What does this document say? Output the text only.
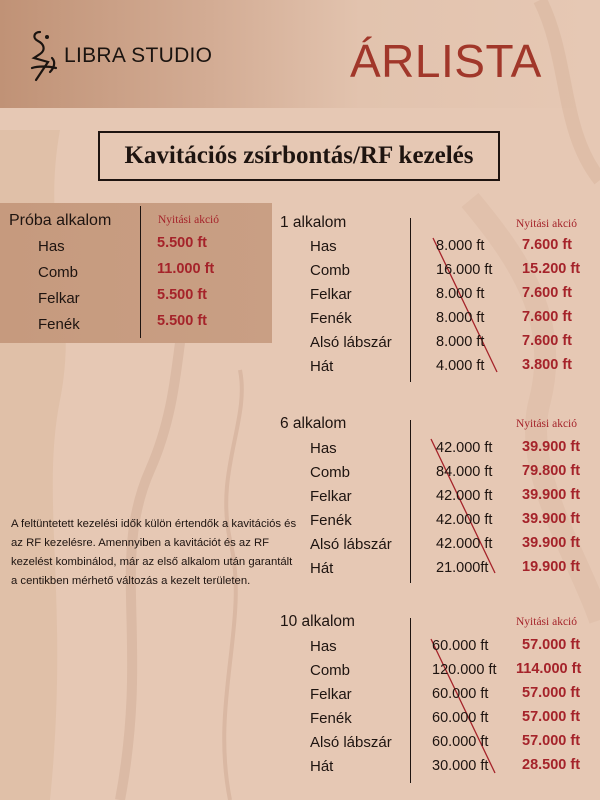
LIBRA STUDIO	ÁRLISTA
Kavitációs zsírbontás/RF kezelés
Próba alkalom	Nyitási akció
Has	5.500 ft
Comb	11.000 ft
Felkar	5.500 ft
Fenék	5.500 ft
1 alkalom	Nyitási akció
Has	8.000 ft	7.600 ft
Comb	16.000 ft 15.200 ft
Felkar	8.000 ft	7.600 ft
Fenék	8.000 ft	7.600 ft
Alsó lábszár	8.000 ft	7.600 ft
Hát	4.000 ft	3.800 ft
6 alkalom	Nyitási akció
Has	42.000 ft 39.900 ft
Comb	84.000 ft 79.800 ft
Felkar	42.000 ft 39.900 ft
Fenék	42.000 ft 39.900 ft
Alsó lábszár	42.000 ft 39.900 ft
Hát	21.000ft 19.900 ft
10 alkalom	Nyitási akció
Has	60.000 ft 57.000 ft
Comb	120.000 ft 114.000 ft
Felkar	60.000 ft 57.000 ft
Fenék	60.000 ft 57.000 ft
Alsó lábszár	60.000 ft 57.000 ft
Hát	30.000 ft 28.500 ft
A feltüntetett kezelési idők külön értendők a kavitációs és az RF kezelésre. Amennyiben a kavitációt és az RF kezelést kombinálod, már az első alkalom után garantált a centikben mérhető változás a kezelt területen.
